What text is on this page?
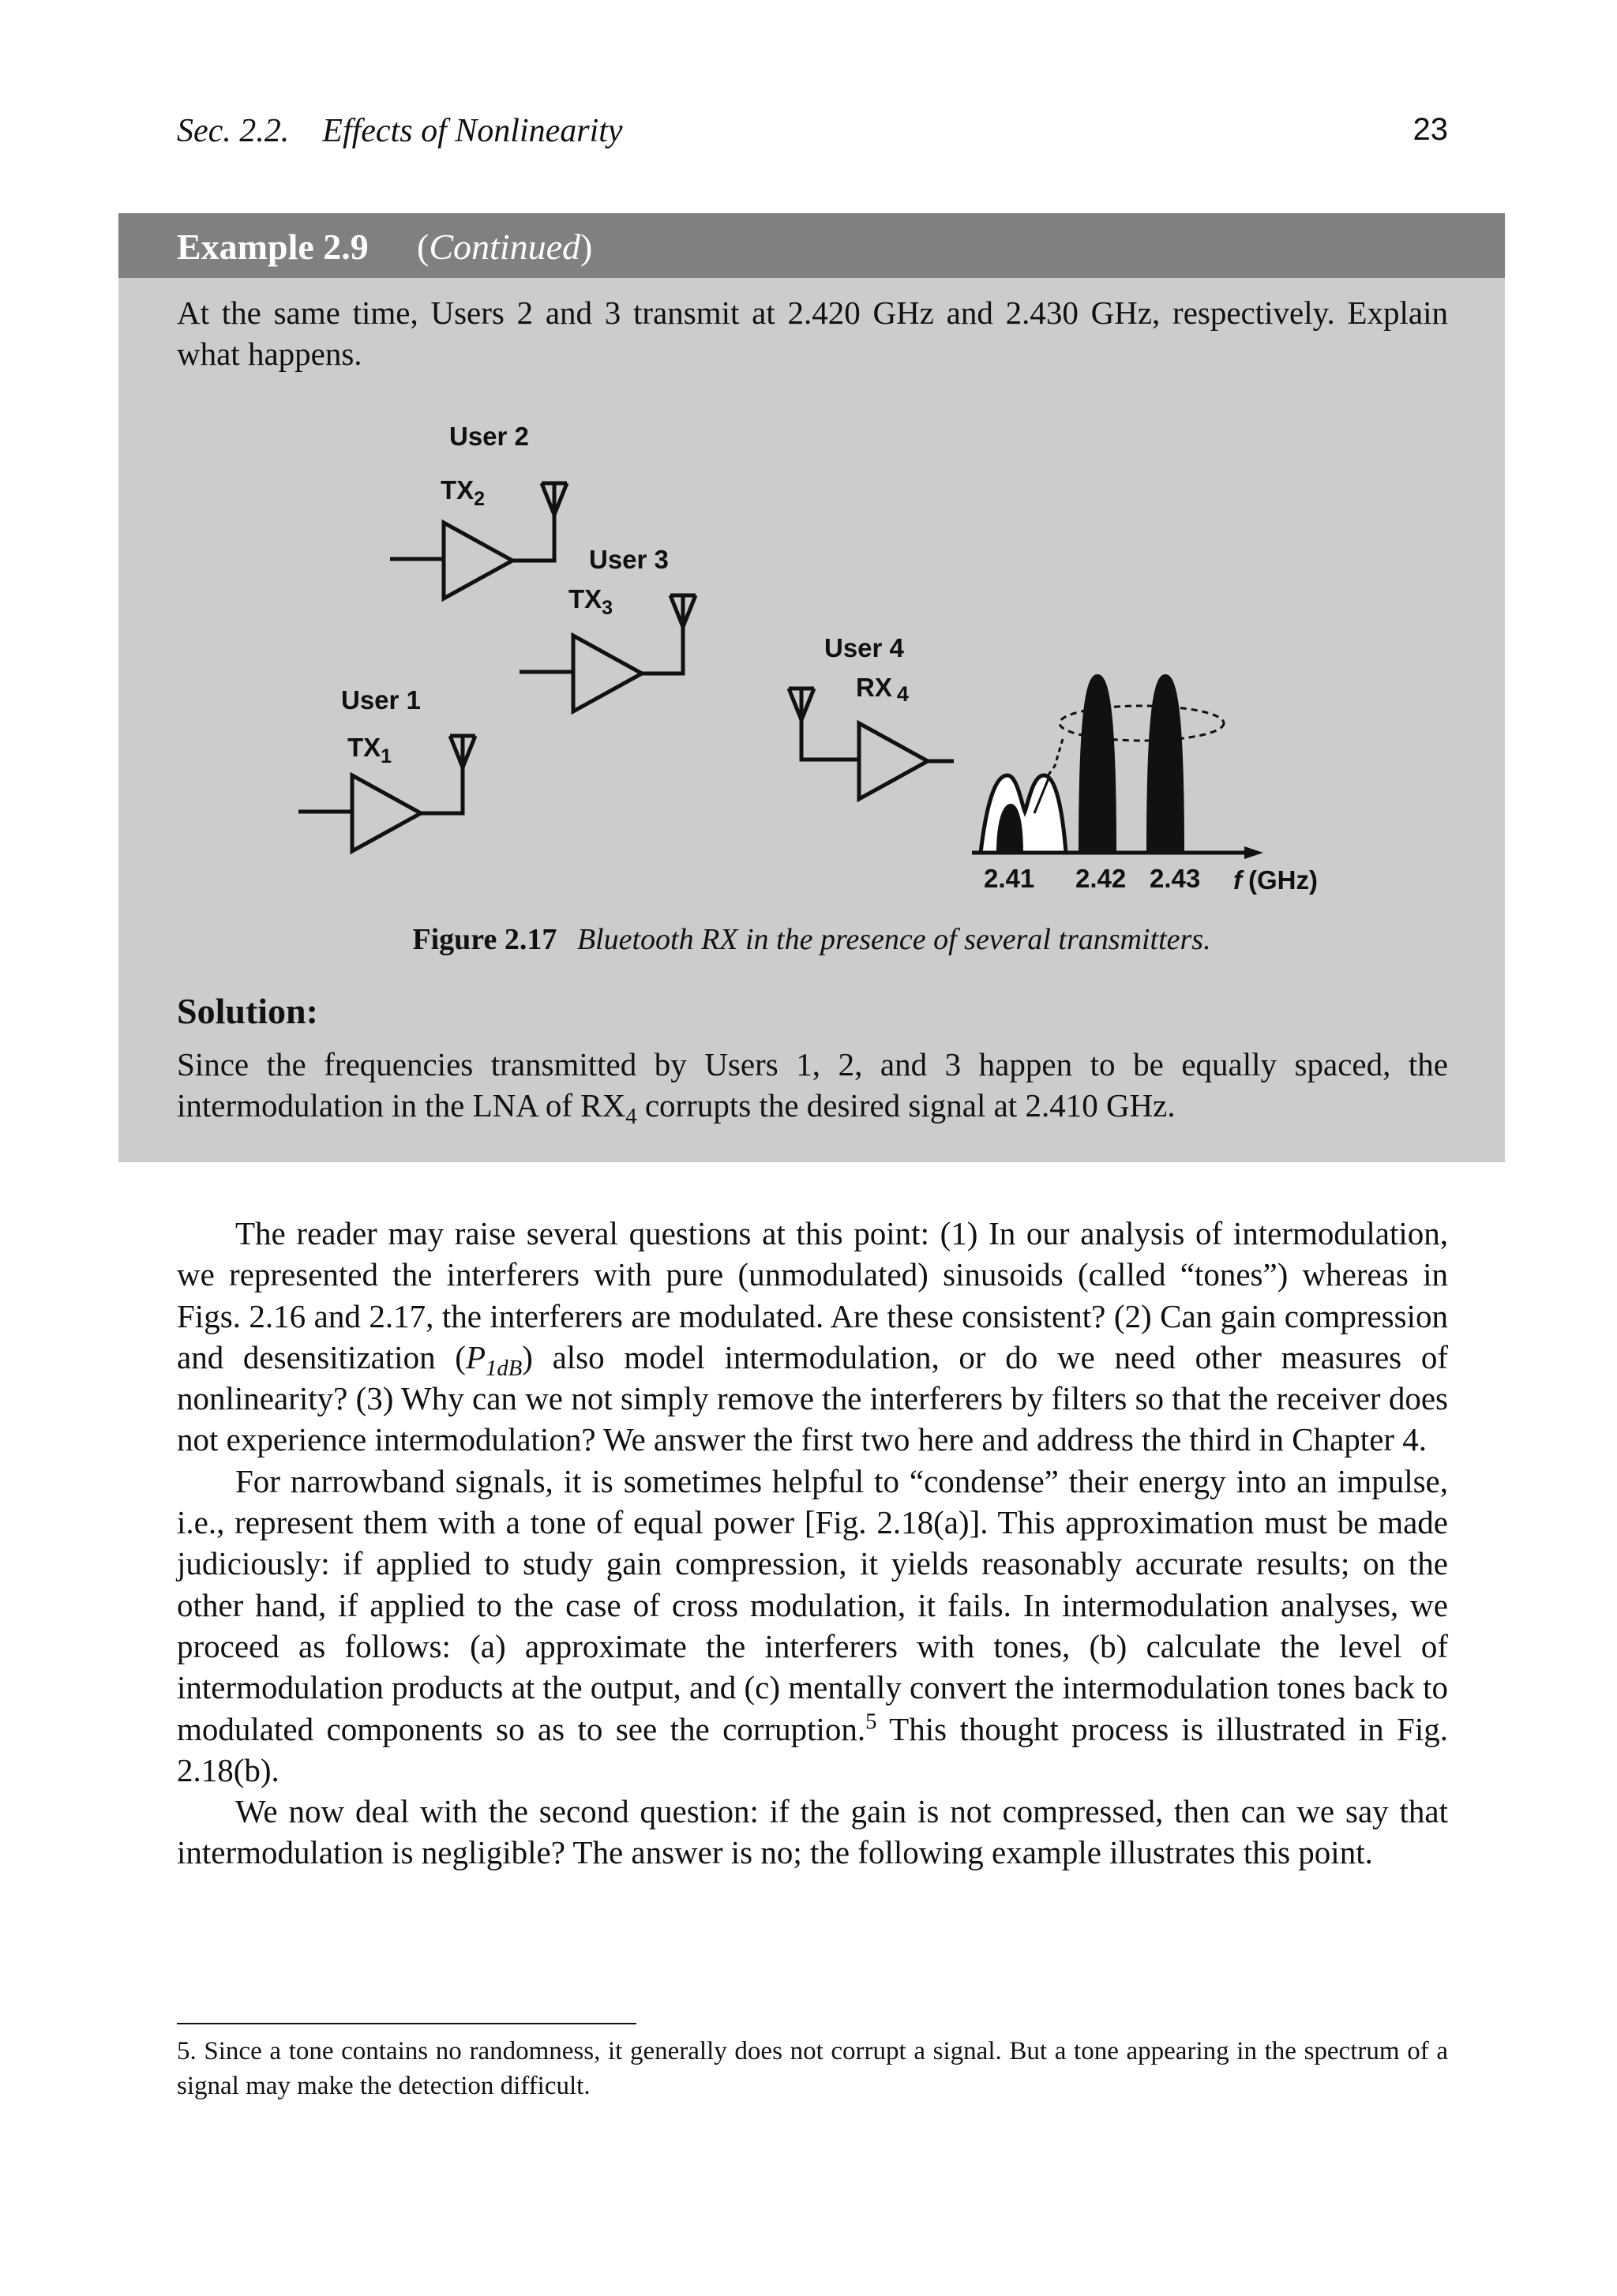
Sec. 2.2. Effects of Nonlinearity	23
Example 2.9 (Continued)
At the same time, Users 2 and 3 transmit at 2.420 GHz and 2.430 GHz, respectively. Explain what happens.
Figure 2.17 Bluetooth RX in the presence of several transmitters.
Solution:
Since the frequencies transmitted by Users 1, 2, and 3 happen to be equally spaced, the intermodulation in the LNA of $RX_4$ corrupts the desired signal at 2.410 GHz.
User 2
$TX_2$
User 3
$TX_3$
User 4
RX 4
User 1
$TX_1$
2.41 2.42 2.43 f (GHz)

The reader may raise several questions at this point: (1) In our analysis of intermodulation, we represented the interferers with pure (unmodulated) sinusoids (called “tones”) whereas in Figs. 2.16 and 2.17, the interferers are modulated. Are these consistent? (2) Can gain compression and desensitization $(P_{1dB})$ also model intermodulation, or do we need other measures of nonlinearity? (3) Why can we not simply remove the interferers by filters so that the receiver does not experience intermodulation? We answer the first two here and address the third in Chapter 4.

For narrowband signals, it is sometimes helpful to “condense” their energy into an impulse, i.e., represent them with a tone of equal power [Fig. 2.18(a)]. This approximation must be made judiciously: if applied to study gain compression, it yields reasonably accurate results; on the other hand, if applied to the case of cross modulation, it fails. In intermodulation analyses, we proceed as follows: (a) approximate the interferers with tones, (b) calculate the level of intermodulation products at the output, and (c) mentally convert the intermodulation tones back to modulated components so as to see the corruption.$^5$ This thought process is illustrated in Fig. 2.18(b).

We now deal with the second question: if the gain is not compressed, then can we say that intermodulation is negligible? The answer is no; the following example illustrates this point.

5. Since a tone contains no randomness, it generally does not corrupt a signal. But a tone appearing in the spectrum of a signal may make the detection difficult.
